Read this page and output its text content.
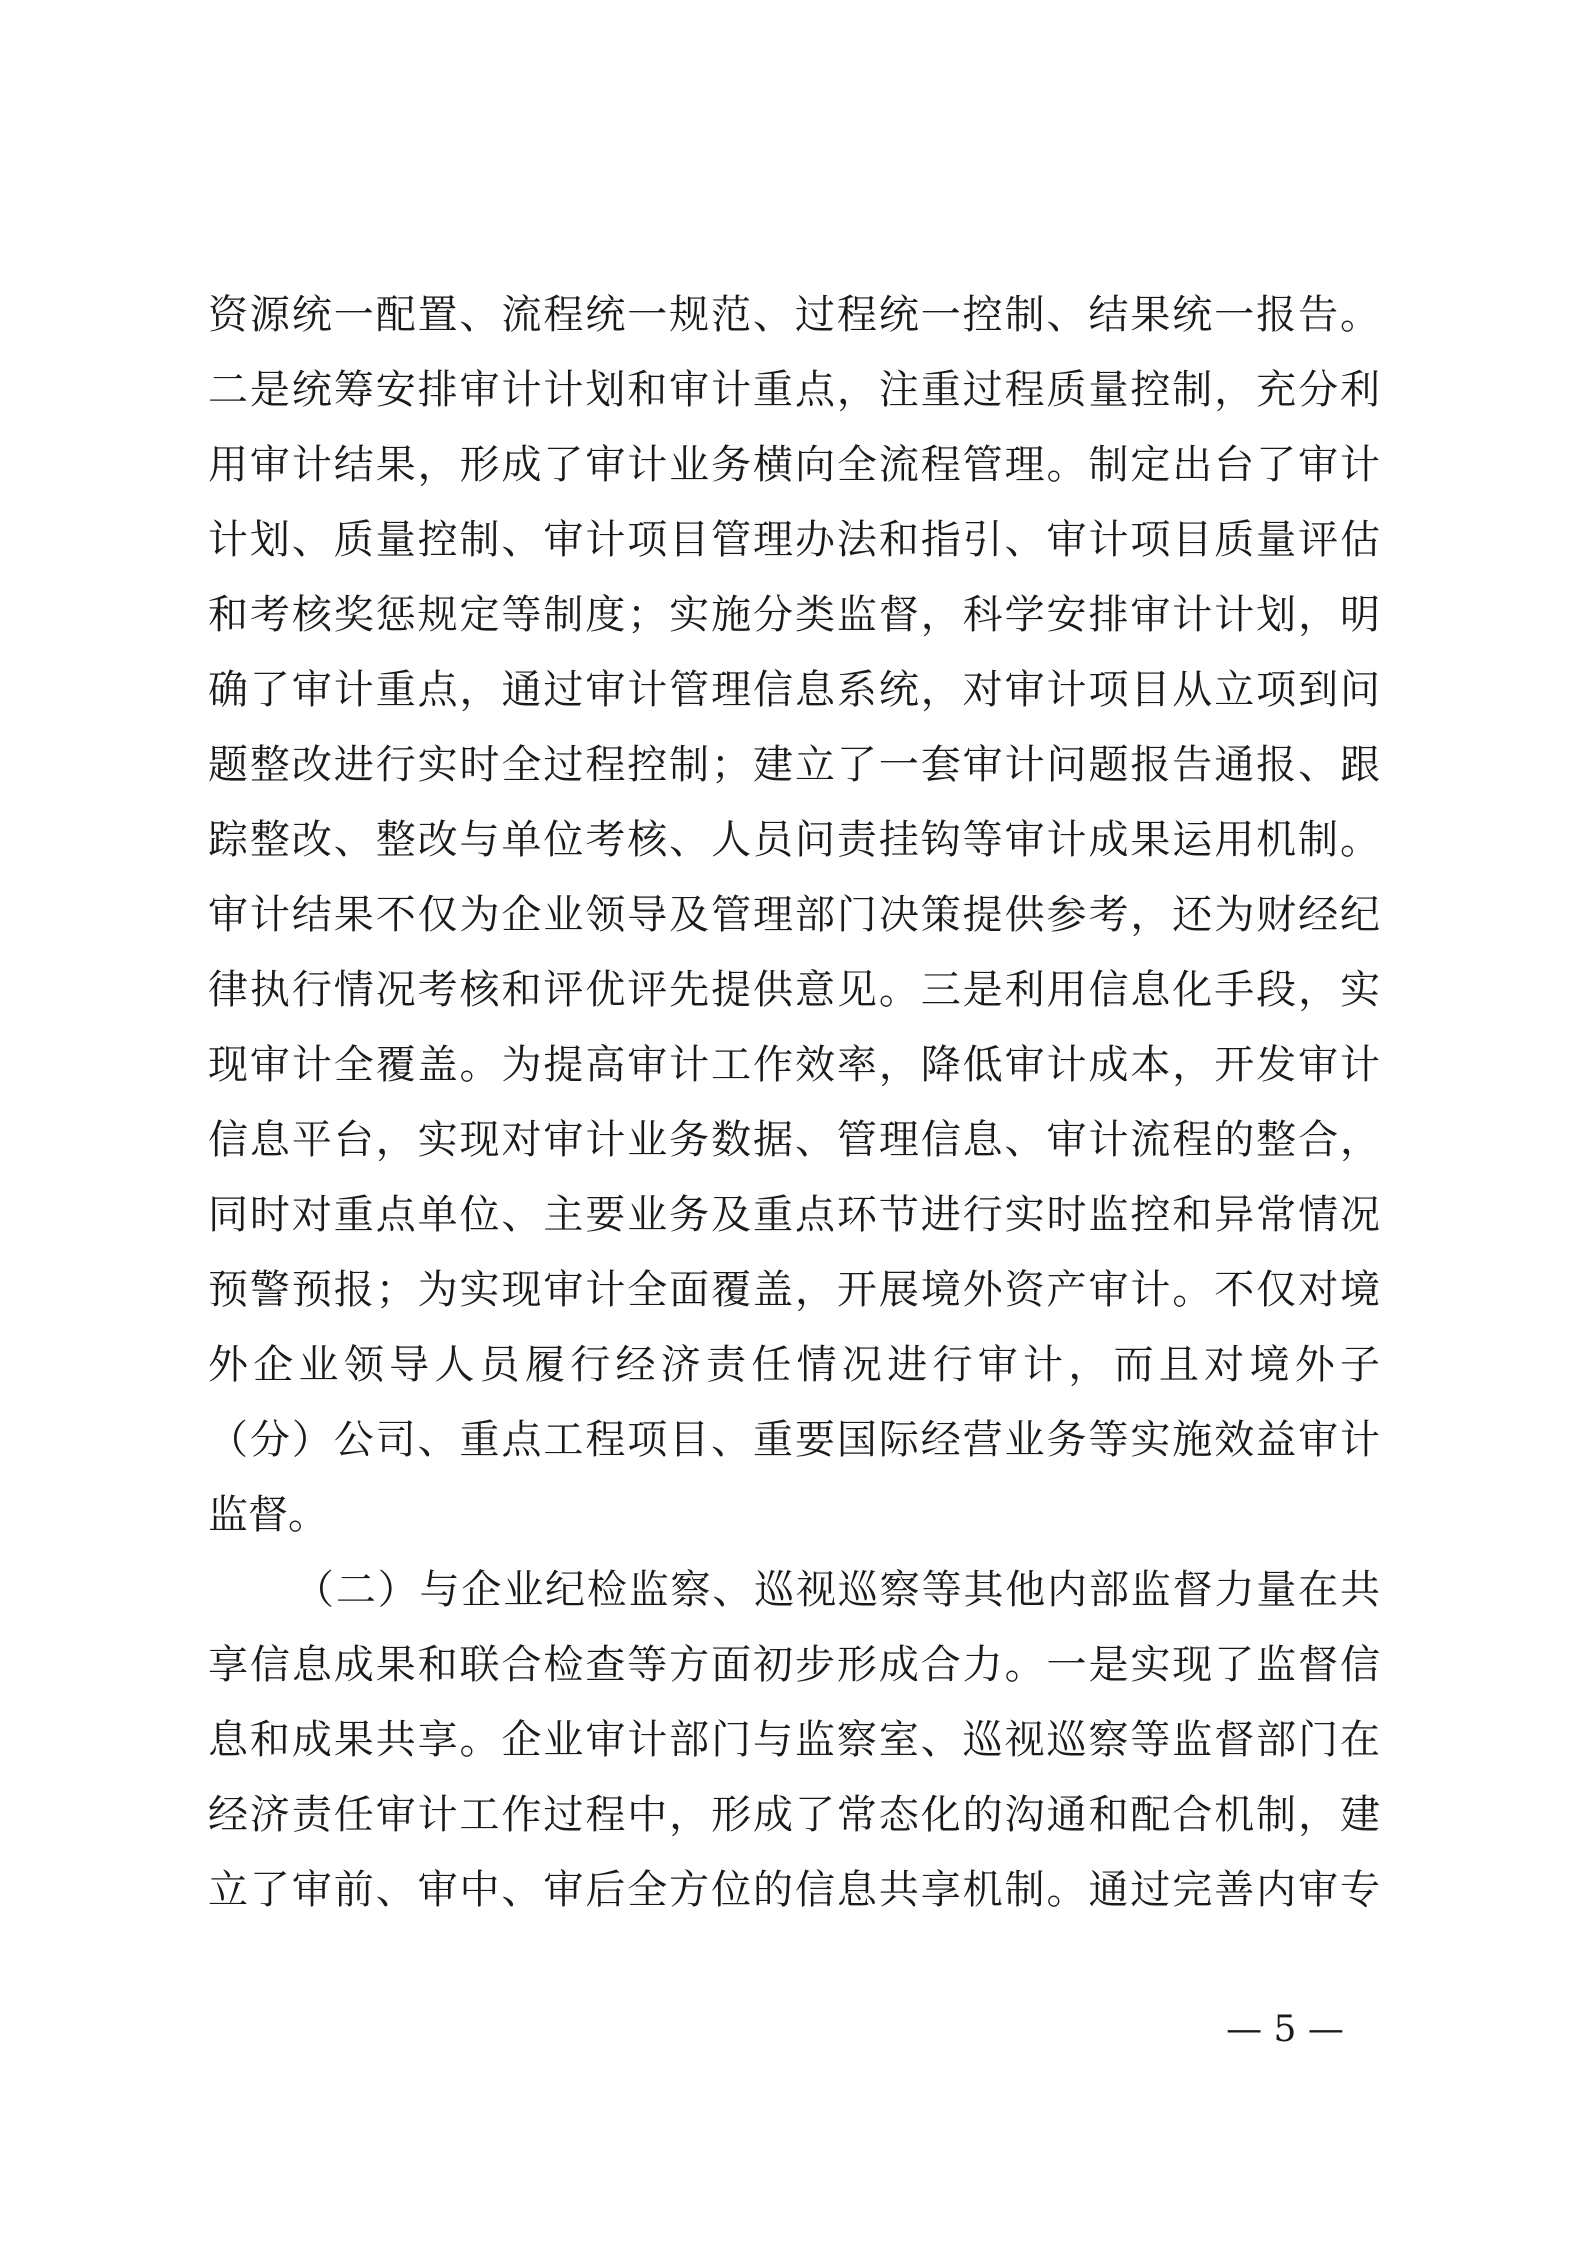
资源统一配置、流程统一规范、过程统一控制、结果统一报告。
二是统筹安排审计计划和审计重点，注重过程质量控制，充分利
用审计结果，形成了审计业务横向全流程管理。制定出台了审计
计划、质量控制、审计项目管理办法和指引、审计项目质量评估
和考核奖惩规定等制度；实施分类监督，科学安排审计计划，明
确了审计重点，通过审计管理信息系统，对审计项目从立项到问
题整改进行实时全过程控制；建立了一套审计问题报告通报、跟
踪整改、整改与单位考核、人员问责挂钩等审计成果运用机制。
审计结果不仅为企业领导及管理部门决策提供参考，还为财经纪
律执行情况考核和评优评先提供意见。三是利用信息化手段，实
现审计全覆盖。为提高审计工作效率，降低审计成本，开发审计
信息平台，实现对审计业务数据、管理信息、审计流程的整合，
同时对重点单位、主要业务及重点环节进行实时监控和异常情况
预警预报；为实现审计全面覆盖，开展境外资产审计。不仅对境
外企业领导人员履行经济责任情况进行审计，而且对境外子
（分）公司、重点工程项目、重要国际经营业务等实施效益审计
监督。
（二）与企业纪检监察、巡视巡察等其他内部监督力量在共
享信息成果和联合检查等方面初步形成合力。一是实现了监督信
息和成果共享。企业审计部门与监察室、巡视巡察等监督部门在
经济责任审计工作过程中，形成了常态化的沟通和配合机制，建
立了审前、审中、审后全方位的信息共享机制。通过完善内审专
— 5 —
